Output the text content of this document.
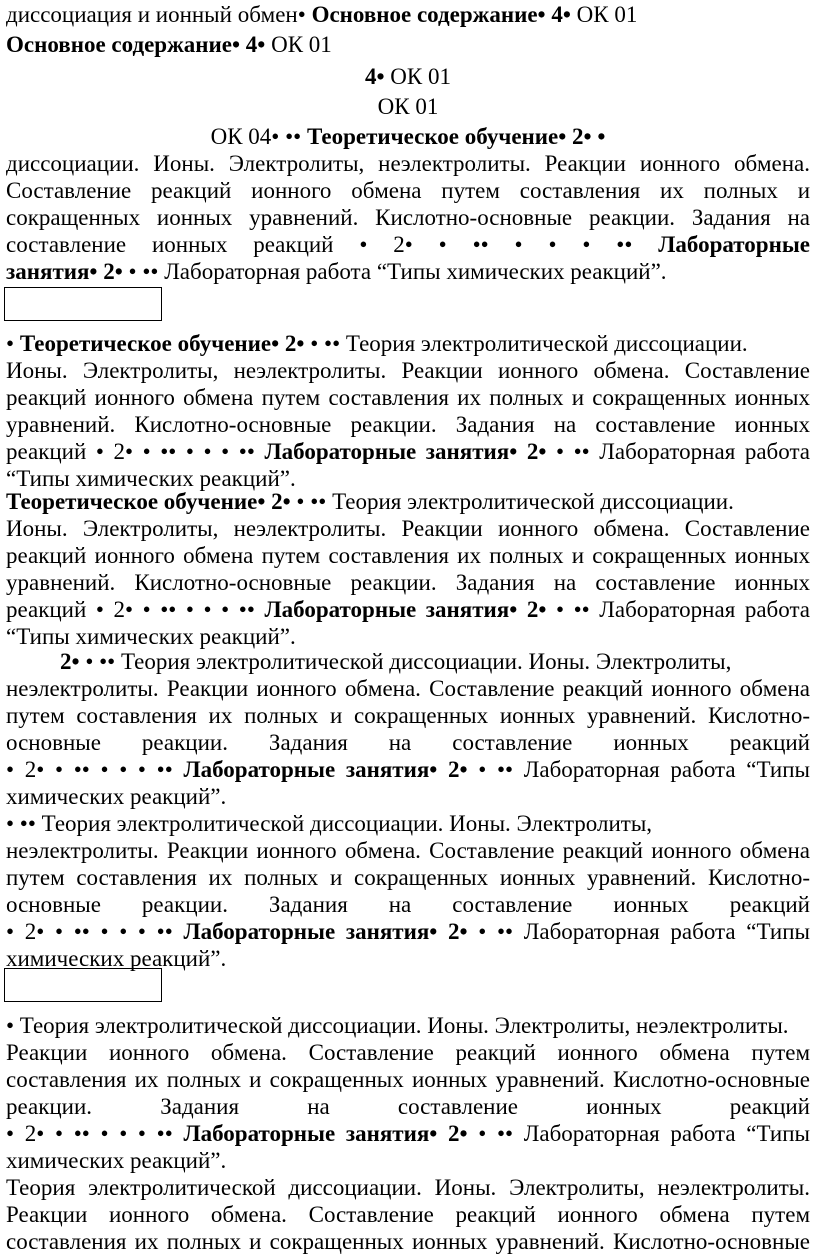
диссоциация и ионный обмен• Основное содержание• 4• ОК 01
Основное содержание• 4• ОК 01
4• ОК 01
ОК 01
ОК 04• •• Теоретическое обучение• 2• •
диссоциации. Ионы. Электролиты, неэлектролиты. Реакции ионного обмена.
Составление реакций ионного обмена путем составления их полных и
сокращенных ионных уравнений. Кислотно-основные реакции. Задания на
составление ионных реакций • 2• • •• • • • •• Лабораторные
занятия• 2• • •• Лабораторная работа “Типы химических реакций”.
• Теоретическое обучение• 2• • •• Теория электролитической диссоциации.
Ионы. Электролиты, неэлектролиты. Реакции ионного обмена. Составление
реакций ионного обмена путем составления их полных и сокращенных ионных
уравнений. Кислотно-основные реакции. Задания на составление ионных
реакций • 2• • •• • • • •• Лабораторные занятия• 2• • •• Лабораторная работа
“Типы химических реакций”.
Теоретическое обучение• 2• • •• Теория электролитической диссоциации.
Ионы. Электролиты, неэлектролиты. Реакции ионного обмена. Составление
реакций ионного обмена путем составления их полных и сокращенных ионных
уравнений. Кислотно-основные реакции. Задания на составление ионных
реакций • 2• • •• • • • •• Лабораторные занятия• 2• • •• Лабораторная работа
“Типы химических реакций”.
2• • •• Теория электролитической диссоциации. Ионы. Электролиты,
неэлектролиты. Реакции ионного обмена. Составление реакций ионного обмена
путем составления их полных и сокращенных ионных уравнений. Кислотно-
основные реакции. Задания на составление ионных реакций
• 2• • •• • • • •• Лабораторные занятия• 2• • •• Лабораторная работа “Типы
химических реакций”.
• •• Теория электролитической диссоциации. Ионы. Электролиты,
неэлектролиты. Реакции ионного обмена. Составление реакций ионного обмена
путем составления их полных и сокращенных ионных уравнений. Кислотно-
основные реакции. Задания на составление ионных реакций
• 2• • •• • • • •• Лабораторные занятия• 2• • •• Лабораторная работа “Типы
химических реакций”.
• Теория электролитической диссоциации. Ионы. Электролиты, неэлектролиты.
Реакции ионного обмена. Составление реакций ионного обмена путем
составления их полных и сокращенных ионных уравнений. Кислотно-основные
реакции. Задания на составление ионных реакций
• 2• • •• • • • •• Лабораторные занятия• 2• • •• Лабораторная работа “Типы
химических реакций”.
Теория электролитической диссоциации. Ионы. Электролиты, неэлектролиты.
Реакции ионного обмена. Составление реакций ионного обмена путем
составления их полных и сокращенных ионных уравнений. Кислотно-основные
